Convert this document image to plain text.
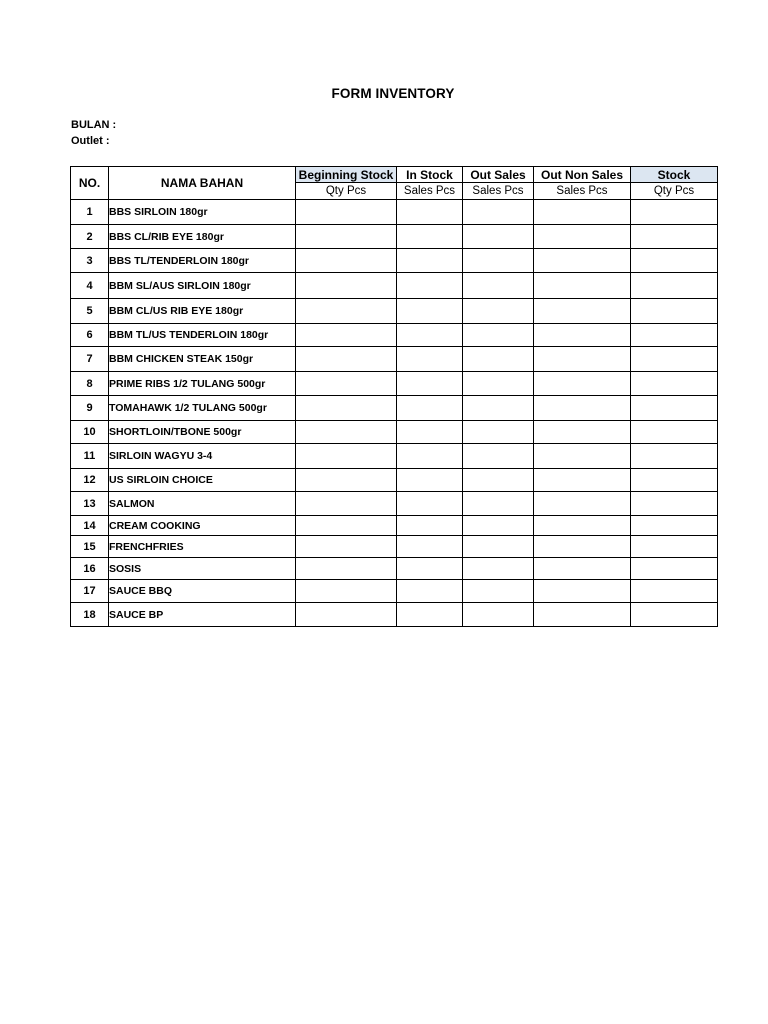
FORM INVENTORY
BULAN :
Outlet :
NO.	NAMA BAHAN	Beginning Stock	In Stock	Out Sales	Out Non Sales	Stock
		Qty Pcs	Sales Pcs	Sales Pcs	Sales Pcs	Qty Pcs
1	BBS SIRLOIN 180gr					
2	BBS CL/RIB EYE 180gr					
3	BBS TL/TENDERLOIN 180gr					
4	BBM SL/AUS SIRLOIN 180gr					
5	BBM CL/US RIB EYE 180gr					
6	BBM TL/US TENDERLOIN 180gr					
7	BBM CHICKEN STEAK 150gr					
8	PRIME RIBS 1/2 TULANG 500gr					
9	TOMAHAWK 1/2 TULANG 500gr					
10	SHORTLOIN/TBONE 500gr					
11	SIRLOIN WAGYU 3-4					
12	US SIRLOIN CHOICE					
13	SALMON					
14	CREAM COOKING					
15	FRENCHFRIES					
16	SOSIS					
17	SAUCE BBQ					
18	SAUCE BP					
